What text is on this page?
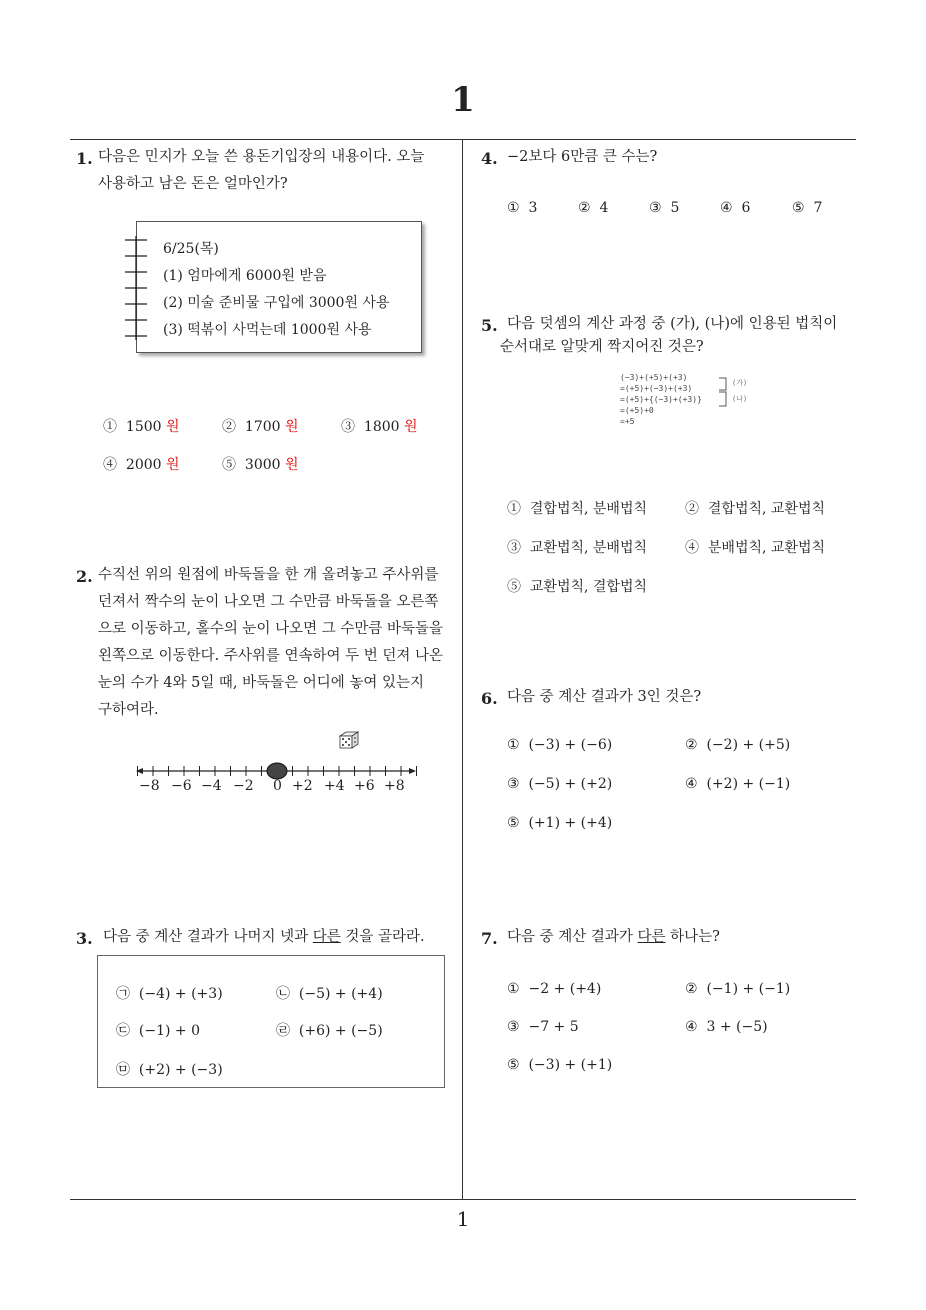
1
1
1. 다음은 민지가 오늘 쓴 용돈기입장의 내용이다. 오늘
사용하고 남은 돈은 얼마인가?
6/25(목)
(1) 엄마에게 6000원 받음
(2) 미술 준비물 구입에 3000원 사용
(3) 떡볶이 사먹는데 1000원 사용
① 1500 원	② 1700 원	③ 1800 원
④ 2000 원	⑤ 3000 원
2. 수직선 위의 원점에 바둑돌을 한 개 올려놓고 주사위를
던져서 짝수의 눈이 나오면 그 수만큼 바둑돌을 오른쪽
으로 이동하고, 홀수의 눈이 나오면 그 수만큼 바둑돌을
왼쪽으로 이동한다. 주사위를 연속하여 두 번 던져 나온
눈의 수가 4와 5일 때, 바둑돌은 어디에 놓여 있는지
구하여라.
−8 −6 −4 −2 0 +2 +4 +6 +8
3. 다음 중 계산 결과가 나머지 넷과 다른 것을 골라라.
㉠ (−4) + (+3)	㉡ (−5) + (+4)
㉢ (−1) + 0	㉣ (+6) + (−5)
㉤ (+2) + (−3)
4. −2보다 6만큼 큰 수는?
① 3	② 4	③ 5	④ 6	⑤ 7
5. 다음 덧셈의 계산 과정 중 (가), (나)에 인용된 법칙이
순서대로 알맞게 짝지어진 것은?
(−3)+(+5)+(+3)
=(+5)+(−3)+(+3)
=(+5)+{(−3)+(+3)}
=(+5)+0
=+5
(가)
(나)
① 결합법칙, 분배법칙	② 결합법칙, 교환법칙
③ 교환법칙, 분배법칙	④ 분배법칙, 교환법칙
⑤ 교환법칙, 결합법칙
6. 다음 중 계산 결과가 3인 것은?
① (−3) + (−6)	② (−2) + (+5)
③ (−5) + (+2)	④ (+2) + (−1)
⑤ (+1) + (+4)
7. 다음 중 계산 결과가 다른 하나는?
① −2 + (+4)	② (−1) + (−1)
③ −7 + 5	④ 3 + (−5)
⑤ (−3) + (+1)
